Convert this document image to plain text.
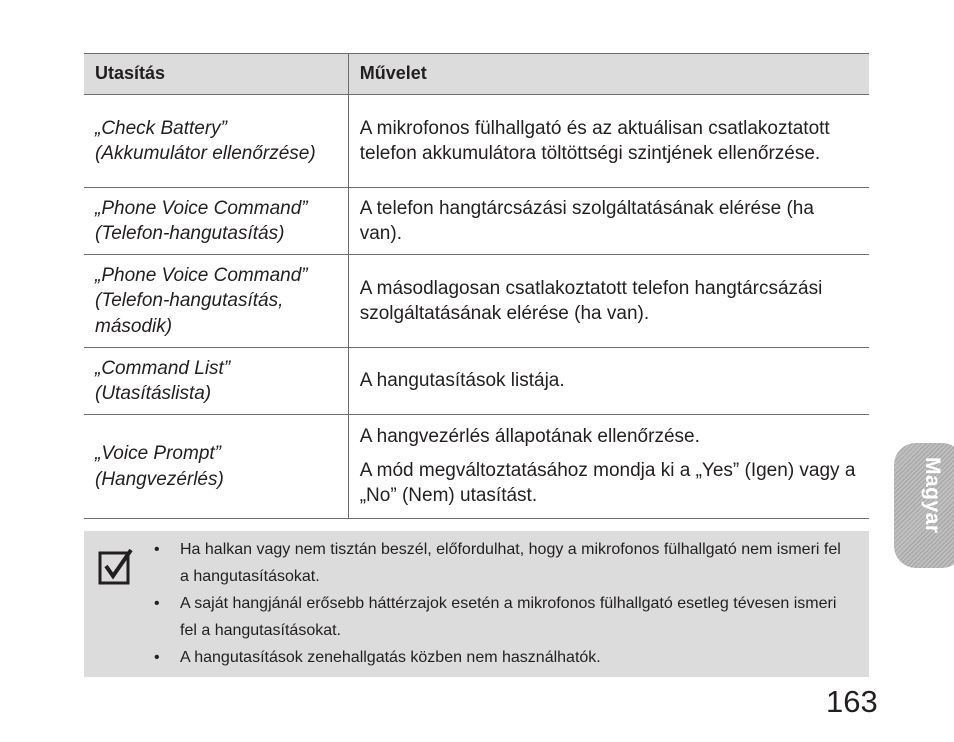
Utasítás	Művelet
„Check Battery” (Akkumulátor ellenőrzése)	A mikrofonos fülhallgató és az aktuálisan csatlakoztatott telefon akkumulátora töltöttségi szintjének ellenőrzése.

„Phone Voice Command” (Telefon-hangutasítás)	A telefon hangtárcsázási szolgáltatásának elérése (ha van).

„Phone Voice Command” (Telefon-hangutasítás, második)	A másodlagosan csatlakoztatott telefon hangtárcsázási szolgáltatásának elérése (ha van).

„Command List” (Utasításlista)	A hangutasítások listája.

„Voice Prompt” (Hangvezérlés)	A hangvezérlés állapotának ellenőrzése.

A mód megváltoztatásához mondja ki a „Yes” (Igen) vagy a „No” (Nem) utasítást.

• Ha halkan vagy nem tisztán beszél, előfordulhat, hogy a mikrofonos fülhallgató nem ismeri fel a hangutasításokat.
• A saját hangjánál erősebb háttérzajok esetén a mikrofonos fülhallgató esetleg tévesen ismeri fel a hangutasításokat.
• A hangutasítások zenehallgatás közben nem használhatók.
Magyar
163
